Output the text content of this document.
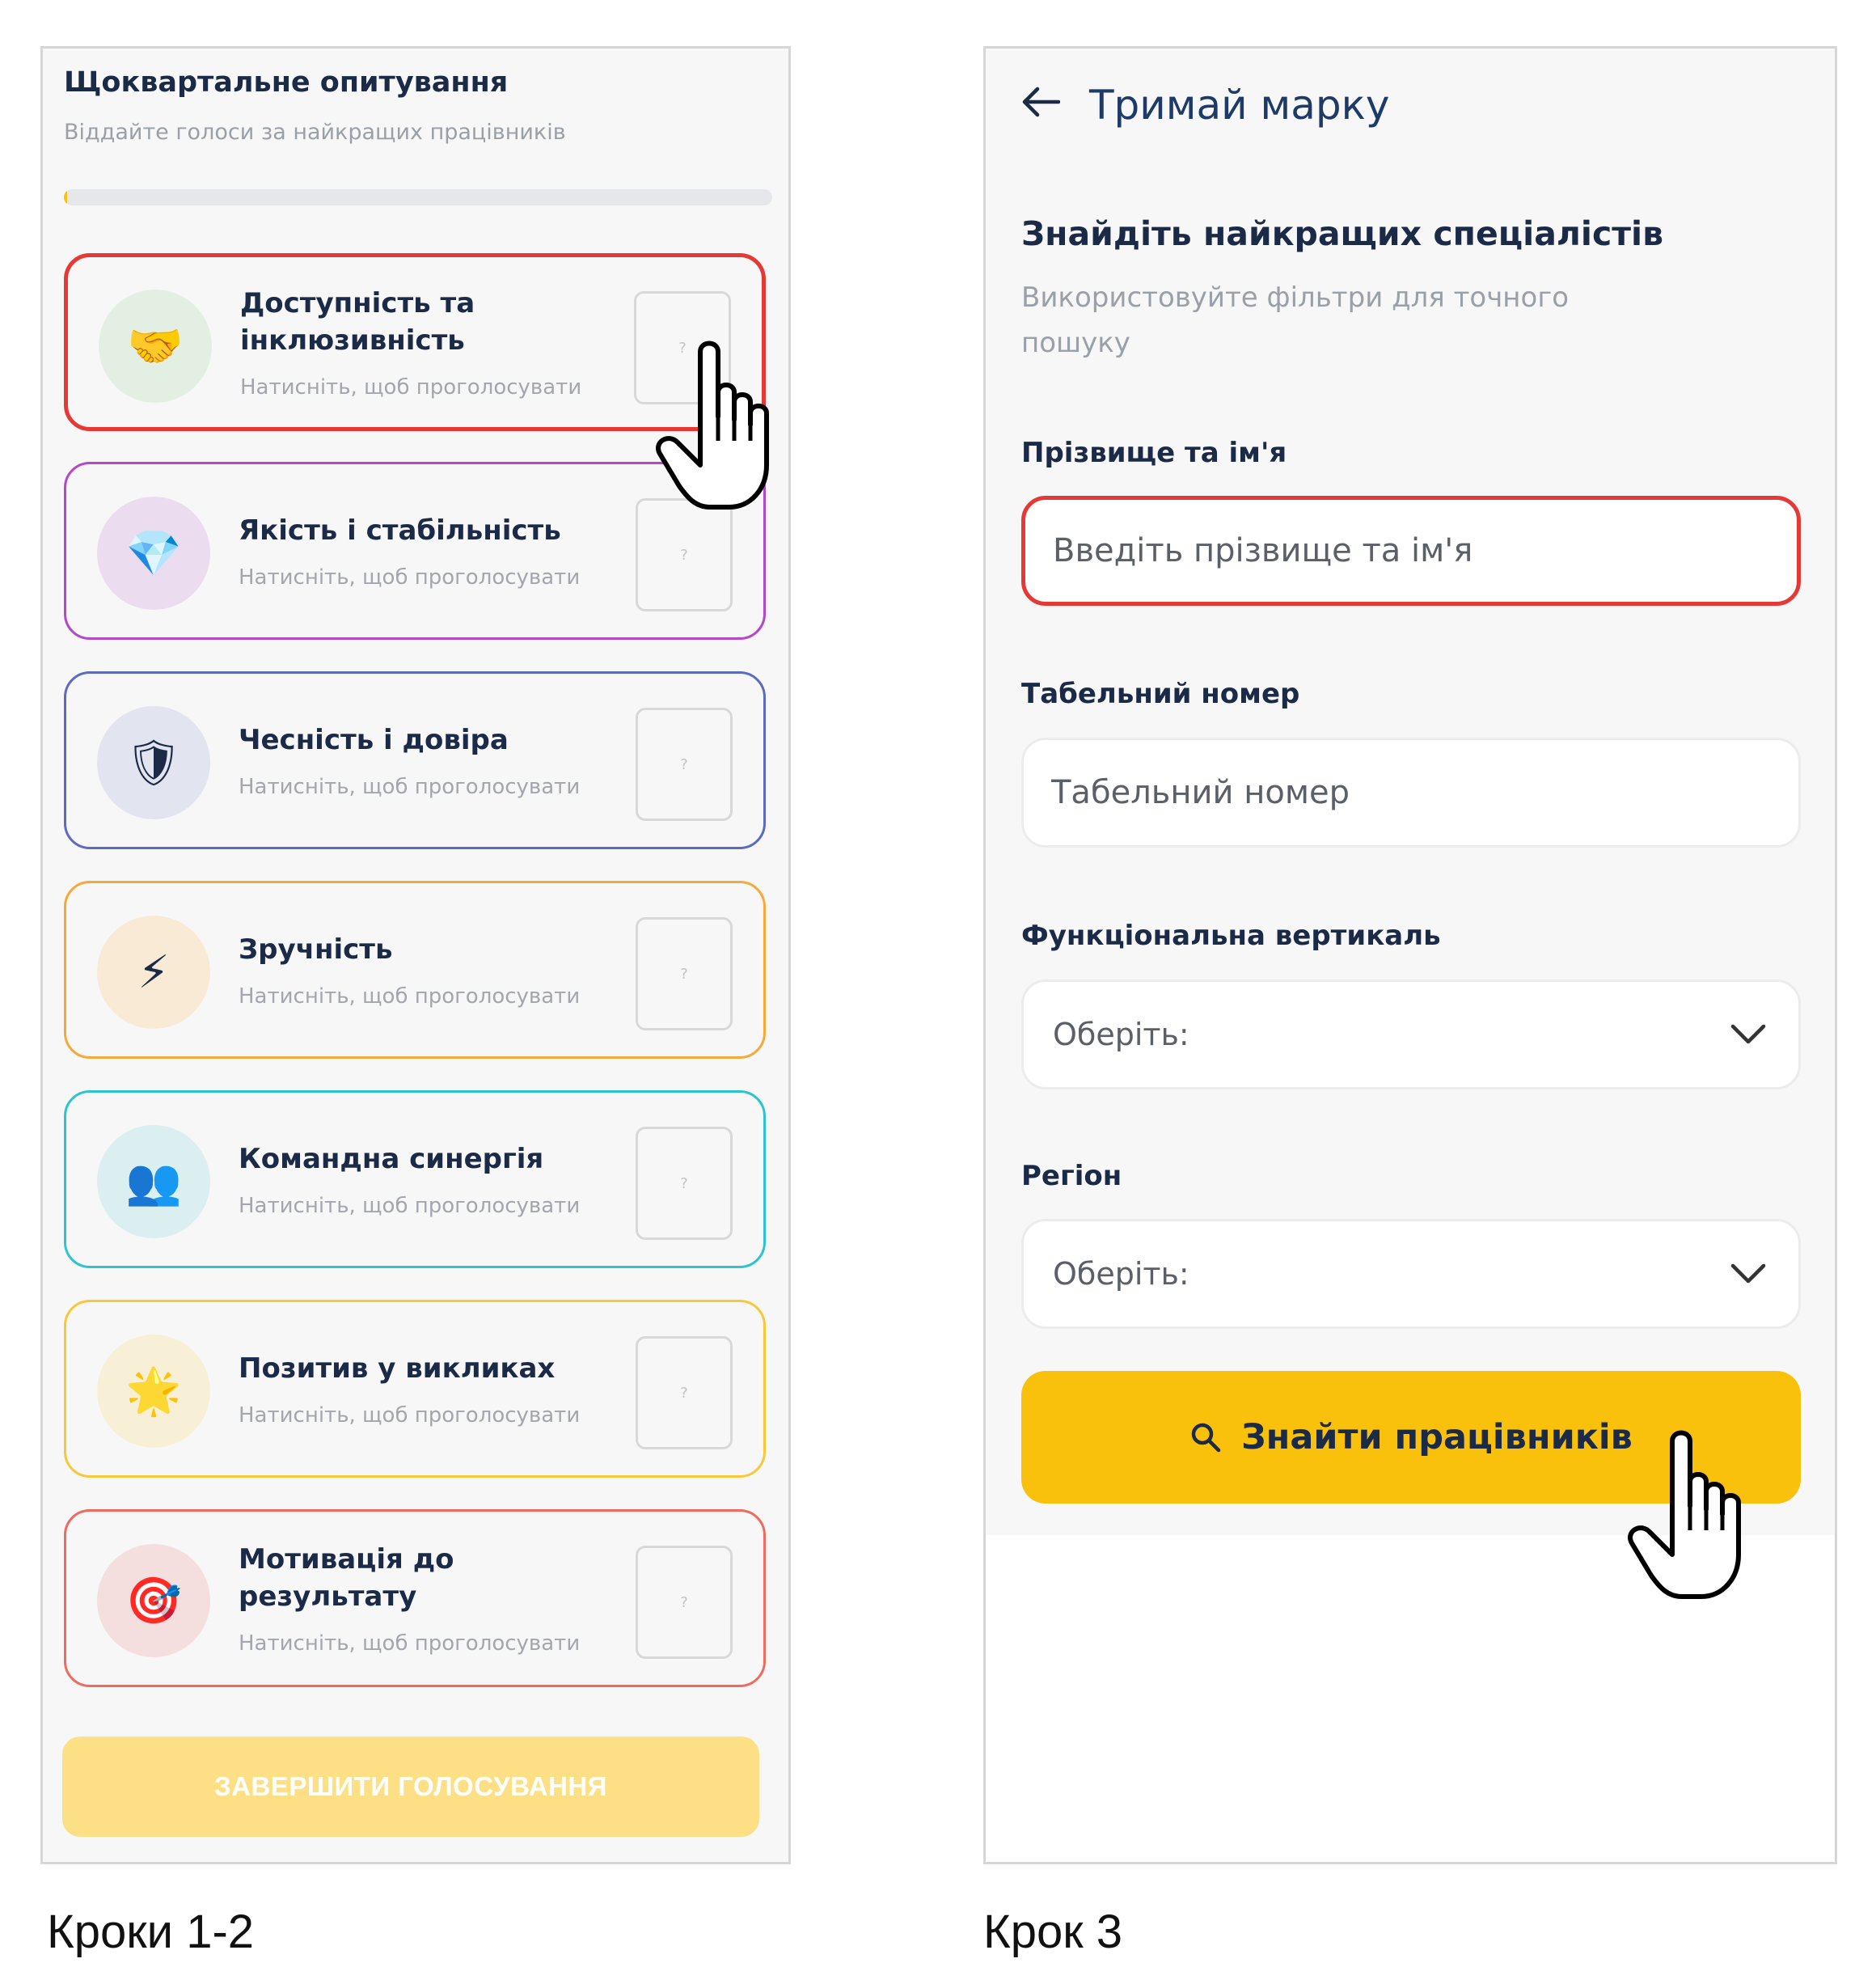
Щоквартальне опитування
Віддайте голоси за найкращих працівників
🤝
Доступність та інклюзивність
Натисніть, щоб проголосувати
?
💎 Якість і стабільність
Натисніть, щоб проголосувати
?
🛡 Чесність і довіра
Натисніть, щоб проголосувати
?
⚡	Зручність
Натисніть, щоб проголосувати
?
👥 Командна синергія
Натисніть, щоб проголосувати
?
🌟 Позитив у викликах
Натисніть, щоб проголосувати
?
🎯
Мотивація до результату
Натисніть, щоб проголосувати
?
ЗАВЕРШИТИ ГОЛОСУВАННЯ
Тримай марку
Знайдіть найкращих спеціалістів
Використовуйте фільтри для точного пошуку
Прізвище та ім'я
Введіть прізвище та ім'я
Табельний номер
Табельний номер
Функціональна вертикаль
Оберіть:
Регіон
Оберіть:
Знайти працівників
Кроки 1-2	Крок 3
